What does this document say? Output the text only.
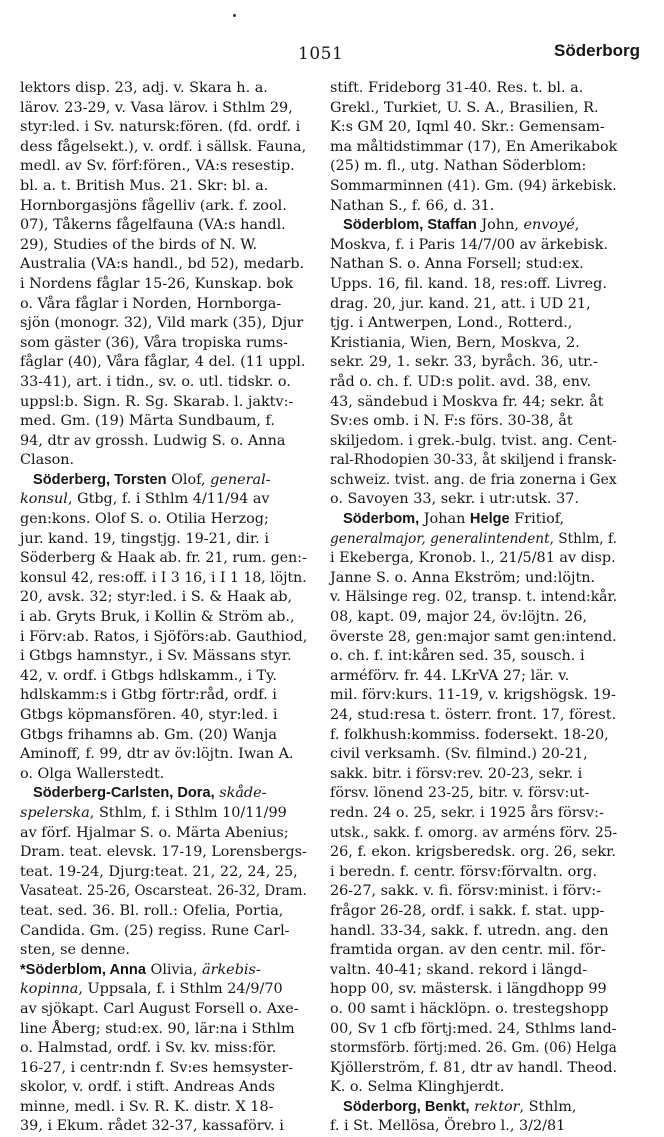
1051	Söderborg
lektors disp. 23, adj. v. Skara h. a.
lärov. 23-29, v. Vasa lärov. i Sthlm 29,
styr:led. i Sv. natursk:fören. (fd. ordf. i
dess fågelsekt.), v. ordf. i sällsk. Fauna,
medl. av Sv. förf:fören., VA:s resestip.
bl. a. t. British Mus. 21. Skr: bl. a.
Hornborgasjöns fågelliv (ark. f. zool.
07), Tåkerns fågelfauna (VA:s handl.
29), Studies of the birds of N. W.
Australia (VA:s handl., bd 52), medarb.
i Nordens fåglar 15-26, Kunskap. bok
o. Våra fåglar i Norden, Hornborga-
sjön (monogr. 32), Vild mark (35), Djur
som gäster (36), Våra tropiska rums-
fåglar (40), Våra fåglar, 4 del. (11 uppl.
33-41), art. i tidn., sv. o. utl. tidskr. o.
uppsl:b. Sign. R. Sg. Skarab. l. jaktv:-
med. Gm. (19) Märta Sundbaum, f.
94, dtr av grossh. Ludwig S. o. Anna
Clason.
Söderberg, Torsten Olof, general-
konsul, Gtbg, f. i Sthlm 4/11/94 av
gen:kons. Olof S. o. Otilia Herzog;
jur. kand. 19, tingstjg. 19-21, dir. i
Söderberg & Haak ab. fr. 21, rum. gen:-
konsul 42, res:off. i I 3 16, i I 1 18, löjtn.
20, avsk. 32; styr:led. i S. & Haak ab,
i ab. Gryts Bruk, i Kollin & Ström ab.,
i Förv:ab. Ratos, i Sjöförs:ab. Gauthiod,
i Gtbgs hamnstyr., i Sv. Mässans styr.
42, v. ordf. i Gtbgs hdlskamm., i Ty.
hdlskamm:s i Gtbg förtr:råd, ordf. i
Gtbgs köpmansfören. 40, styr:led. i
Gtbgs frihamns ab. Gm. (20) Wanja
Aminoff, f. 99, dtr av öv:löjtn. Iwan A.
o. Olga Wallerstedt.
Söderberg-Carlsten, Dora, skåde-
spelerska, Sthlm, f. i Sthlm 10/11/99
av förf. Hjalmar S. o. Märta Abenius;
Dram. teat. elevsk. 17-19, Lorensbergs-
teat. 19-24, Djurg:teat. 21, 22, 24, 25,
Vasateat. 25-26, Oscarsteat. 26-32, Dram.
teat. sed. 36. Bl. roll.: Ofelia, Portia,
Candida. Gm. (25) regiss. Rune Carl-
sten, se denne.
*Söderblom, Anna Olivia, ärkebis-
kopinna, Uppsala, f. i Sthlm 24/9/70
av sjökapt. Carl August Forsell o. Axe-
line Åberg; stud:ex. 90, lär:na i Sthlm
o. Halmstad, ordf. i Sv. kv. miss:för.
16-27, i centr:ndn f. Sv:es hemsyster-
skolor, v. ordf. i stift. Andreas Ands
minne, medl. i Sv. R. K. distr. X 18-
39, i Ekum. rådet 32-37, kassaförv. i
stift. Frideborg 31-40. Res. t. bl. a.
Grekl., Turkiet, U. S. A., Brasilien, R.
K:s GM 20, Iqml 40. Skr.: Gemensam-
ma måltidstimmar (17), En Amerikabok
(25) m. fl., utg. Nathan Söderblom:
Sommarminnen (41). Gm. (94) ärkebisk.
Nathan S., f. 66, d. 31.
Söderblom, Staffan John, envoyé,
Moskva, f. i Paris 14/7/00 av ärkebisk.
Nathan S. o. Anna Forsell; stud:ex.
Upps. 16, fil. kand. 18, res:off. Livreg.
drag. 20, jur. kand. 21, att. i UD 21,
tjg. i Antwerpen, Lond., Rotterd.,
Kristiania, Wien, Bern, Moskva, 2.
sekr. 29, 1. sekr. 33, byråch. 36, utr.-
råd o. ch. f. UD:s polit. avd. 38, env.
43, sändebud i Moskva fr. 44; sekr. åt
Sv:es omb. i N. F:s förs. 30-38, åt
skiljedom. i grek.-bulg. tvist. ang. Cent-
ral-Rhodopien 30-33, åt skiljend i fransk-
schweiz. tvist. ang. de fria zonerna i Gex
o. Savoyen 33, sekr. i utr:utsk. 37.
Söderbom, Johan Helge Fritiof,
generalmajor, generalintendent, Sthlm, f.
i Ekeberga, Kronob. l., 21/5/81 av disp.
Janne S. o. Anna Ekström; und:löjtn.
v. Hälsinge reg. 02, transp. t. intend:kår.
08, kapt. 09, major 24, öv:löjtn. 26,
överste 28, gen:major samt gen:intend.
o. ch. f. int:kåren sed. 35, sousch. i
arméförv. fr. 44. LKrVA 27; lär. v.
mil. förv:kurs. 11-19, v. krigshögsk. 19-
24, stud:resa t. österr. front. 17, förest.
f. folkhush:kommiss. fodersekt. 18-20,
civil verksamh. (Sv. filmind.) 20-21,
sakk. bitr. i försv:rev. 20-23, sekr. i
försv. lönend 23-25, bitr. v. försv:ut-
redn. 24 o. 25, sekr. i 1925 års försv:-
utsk., sakk. f. omorg. av arméns förv. 25-
26, f. ekon. krigsberedsk. org. 26, sekr.
i beredn. f. centr. försv:förvaltn. org.
26-27, sakk. v. fi. försv:minist. i förv:-
frågor 26-28, ordf. i sakk. f. stat. upp-
handl. 33-34, sakk. f. utredn. ang. den
framtida organ. av den centr. mil. för-
valtn. 40-41; skand. rekord i längd-
hopp 00, sv. mästersk. i längdhopp 99
o. 00 samt i häcklöpn. o. trestegshopp
00, Sv 1 cfb förtj:med. 24, Sthlms land-
stormsförb. förtj:med. 26. Gm. (06) Helga
Kjöllerström, f. 81, dtr av handl. Theod.
K. o. Selma Klinghjerdt.
Söderborg, Benkt, rektor, Sthlm,
f. i St. Mellösa, Örebro l., 3/2/81
